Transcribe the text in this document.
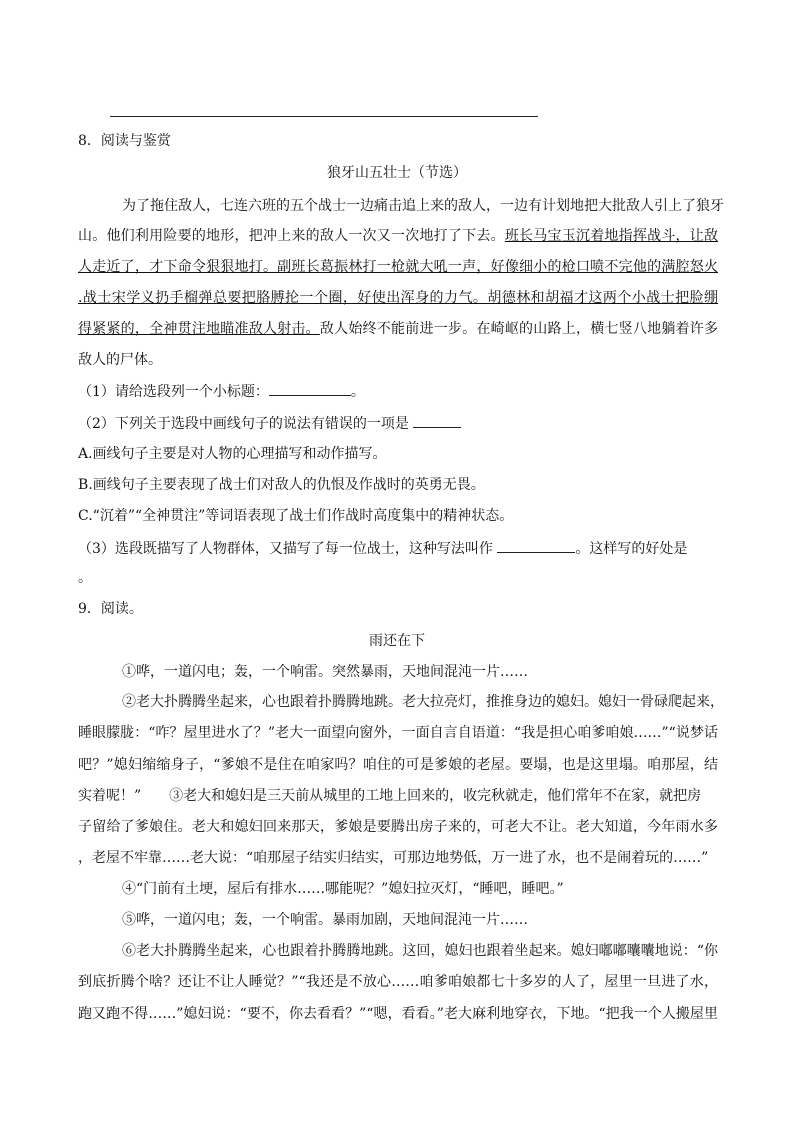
8．阅读与鉴赏
狼牙山五壮士（节选）
为了拖住敌人，七连六班的五个战士一边痛击追上来的敌人，一边有计划地把大批敌人引上了狼牙
山。他们利用险要的地形，把冲上来的敌人一次又一次地打了下去。班长马宝玉沉着地指挥战斗，让敌
人走近了，才下命令狠狠地打。副班长葛振林打一枪就大吼一声，好像细小的枪口喷不完他的满腔怒火
.战士宋学义扔手榴弹总要把胳膊抡一个圈，好使出浑身的力气。胡德林和胡福才这两个小战士把脸绷
得紧紧的，全神贯注地瞄准敌人射击。敌人始终不能前进一步。在崎岖的山路上，横七竖八地躺着许多
敌人的尸体。
（1）请给选段列一个小标题：	。
（2）下列关于选段中画线句子的说法有错误的一项是
A.画线句子主要是对人物的心理描写和动作描写。
B.画线句子主要表现了战士们对敌人的仇恨及作战时的英勇无畏。
C.“沉着”“全神贯注”等词语表现了战士们作战时高度集中的精神状态。
（3）选段既描写了人物群体，又描写了每一位战士，这种写法叫作	。这样写的好处是
。
9．阅读。
雨还在下
①哗，一道闪电；轰，一个响雷。突然暴雨，天地间混沌一片……
②老大扑腾腾坐起来，心也跟着扑腾腾地跳。老大拉亮灯，推推身边的媳妇。媳妇一骨碌爬起来，
睡眼朦胧：“咋？屋里进水了？”老大一面望向窗外，一面自言自语道：“我是担心咱爹咱娘……”“说梦话
吧？”媳妇缩缩身子，“爹娘不是住在咱家吗？咱住的可是爹娘的老屋。要塌，也是这里塌。咱那屋，结
实着呢！” ③老大和媳妇是三天前从城里的工地上回来的，收完秋就走，他们常年不在家，就把房
子留给了爹娘住。老大和媳妇回来那天，爹娘是要腾出房子来的，可老大不让。老大知道，今年雨水多
，老屋不牢靠……老大说：“咱那屋子结实归结实，可那边地势低，万一进了水，也不是闹着玩的……”
④“门前有土埂，屋后有排水……哪能呢？”媳妇拉灭灯，“睡吧，睡吧。”
⑤哗，一道闪电；轰，一个响雷。暴雨加剧，天地间混沌一片……
⑥老大扑腾腾坐起来，心也跟着扑腾腾地跳。这回，媳妇也跟着坐起来。媳妇嘟嘟囔囔地说：“你
到底折腾个啥？还让不让人睡觉？”“我还是不放心……咱爹咱娘都七十多岁的人了，屋里一旦进了水，
跑又跑不得……”媳妇说：“要不，你去看看？”“嗯，看看。”老大麻利地穿衣，下地。“把我一个人搬屋里
